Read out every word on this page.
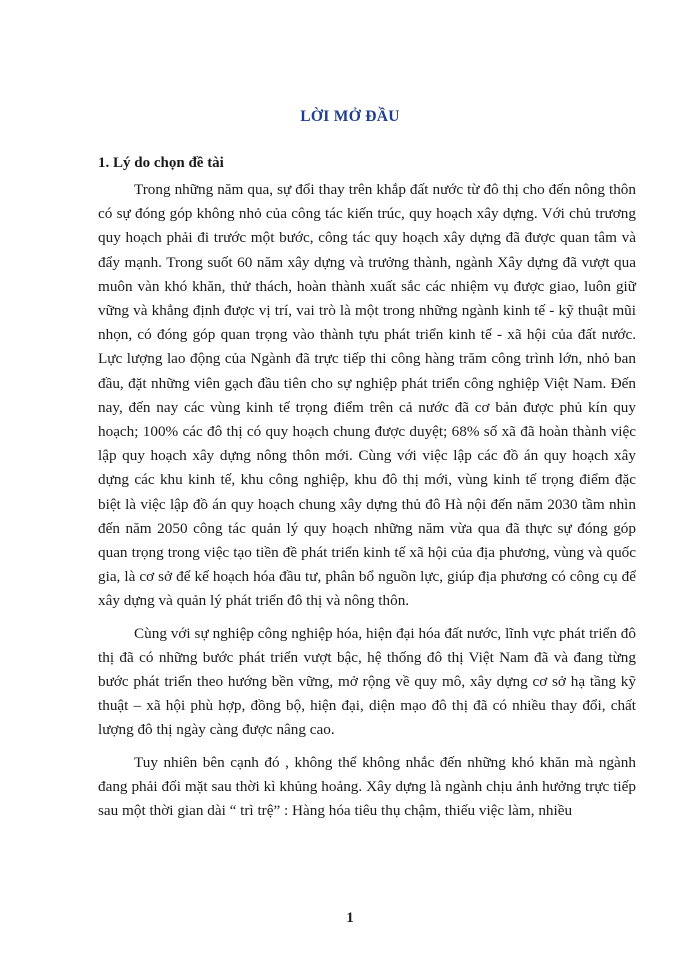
LỜI MỞ ĐẦU
1. Lý do chọn đề tài

Trong những năm qua, sự đổi thay trên khắp đất nước từ đô thị cho đến nông thôn có sự đóng góp không nhỏ của công tác kiến trúc, quy hoạch xây dựng. Với chủ trương quy hoạch phải đi trước một bước, công tác quy hoạch xây dựng đã được quan tâm và đẩy mạnh. Trong suốt 60 năm xây dựng và trưởng thành, ngành Xây dựng đã vượt qua muôn vàn khó khăn, thử thách, hoàn thành xuất sắc các nhiệm vụ được giao, luôn giữ vững và khẳng định được vị trí, vai trò là một trong những ngành kinh tế - kỹ thuật mũi nhọn, có đóng góp quan trọng vào thành tựu phát triển kinh tế - xã hội của đất nước. Lực lượng lao động của Ngành đã trực tiếp thi công hàng trăm công trình lớn, nhỏ ban đầu, đặt những viên gạch đầu tiên cho sự nghiệp phát triển công nghiệp Việt Nam. Đến nay, đến nay các vùng kinh tế trọng điểm trên cả nước đã cơ bản được phủ kín quy hoạch; 100% các đô thị có quy hoạch chung được duyệt; 68% số xã đã hoàn thành việc lập quy hoạch xây dựng nông thôn mới. Cùng với việc lập các đồ án quy hoạch xây dựng các khu kinh tế, khu công nghiệp, khu đô thị mới, vùng kinh tế trọng điểm đặc biệt là việc lập đồ án quy hoạch chung xây dựng thủ đô Hà nội đến năm 2030 tầm nhìn đến năm 2050 công tác quản lý quy hoạch những năm vừa qua đã thực sự đóng góp quan trọng trong việc tạo tiền đề phát triển kinh tế xã hội của địa phương, vùng và quốc gia, là cơ sở để kế hoạch hóa đầu tư, phân bổ nguồn lực, giúp địa phương có công cụ để xây dựng và quản lý phát triển đô thị và nông thôn.

Cùng với sự nghiệp công nghiệp hóa, hiện đại hóa đất nước, lĩnh vực phát triển đô thị đã có những bước phát triển vượt bậc, hệ thống đô thị Việt Nam đã và đang từng bước phát triển theo hướng bền vững, mở rộng về quy mô, xây dựng cơ sở hạ tầng kỹ thuật – xã hội phù hợp, đồng bộ, hiện đại, diện mạo đô thị đã có nhiều thay đổi, chất lượng đô thị ngày càng được nâng cao.

Tuy nhiên bên cạnh đó , không thể không nhắc đến những khó khăn mà ngành đang phải đối mặt sau thời kì khủng hoảng. Xây dựng là ngành chịu ảnh hưởng trực tiếp sau một thời gian dài “ trì trệ” : Hàng hóa tiêu thụ chậm, thiếu việc làm, nhiều

1
